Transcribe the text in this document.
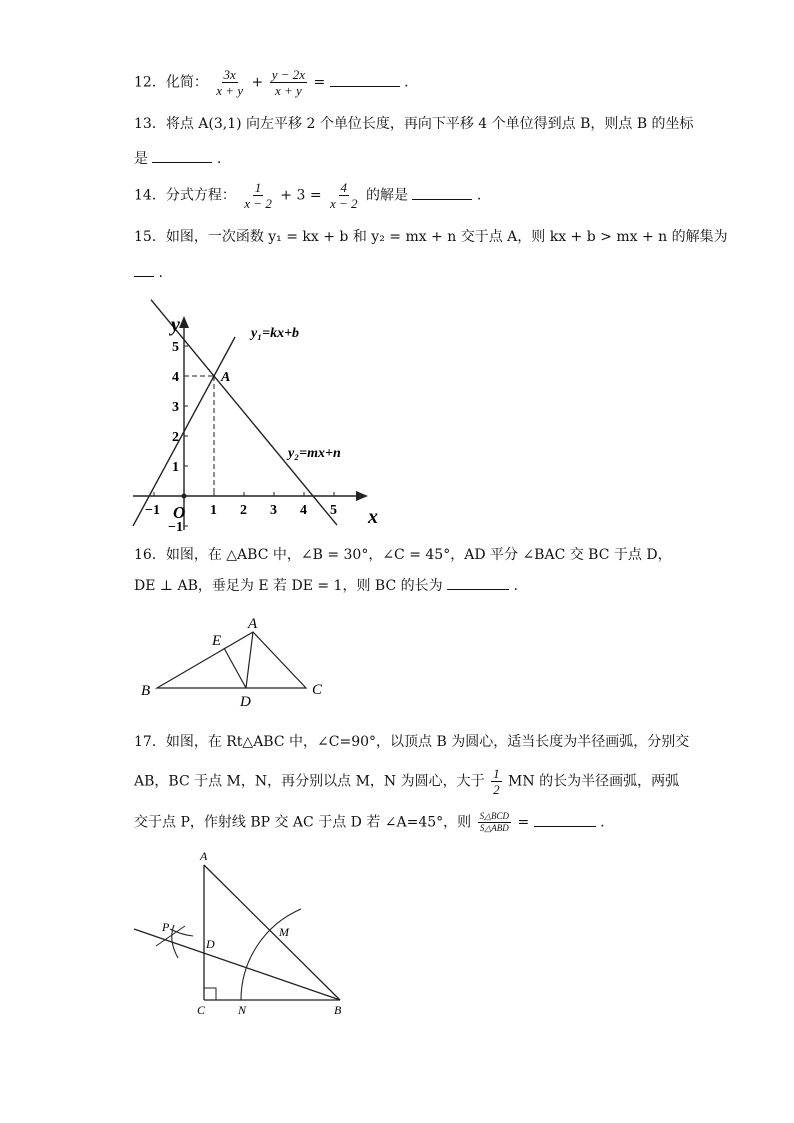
12．化简： $\frac{3x}{x + y} + \frac{y - 2x}{x + y}$ =	.
13．将点 A(3,1) 向左平移 2 个单位长度，再向下平移 4 个单位得到点 B，则点 B 的坐标
是	.
14．分式方程： $\frac{1}{x - 2} + 3 = \frac{4}{x - 2}$ 的解是	.
15．如图，一次函数 y₁ = kx + b 和 y₂ = mx + n 交于点 A，则 kx + b > mx + n 的解集为
.
−1	1 2 3 4 5
−1
1
2
3
4
5
O
y
x
A
y₁=kx+b
y₂=mx+n
16．如图，在 △ABC 中，∠B = 30°，∠C = 45°，AD 平分 ∠BAC 交 BC 于点 D，
DE ⊥ AB，垂足为 E 若 DE = 1，则 BC 的长为	.
A
B	C
D
E
17．如图，在 Rt△ABC 中，∠C=90°，以顶点 B 为圆心，适当长度为半径画弧，分别交
AB，BC 于点 M，N，再分别以点 M，N 为圆心，大于 $\frac{1}{2}$ MN 的长为半径画弧，两弧
交于点 P，作射线 BP 交 AC 于点 D 若 ∠A=45°，则 $\frac{\text{S△BCD}}{\text{S△ABD}}$ =	.
A
B
C
D
M
N
P
